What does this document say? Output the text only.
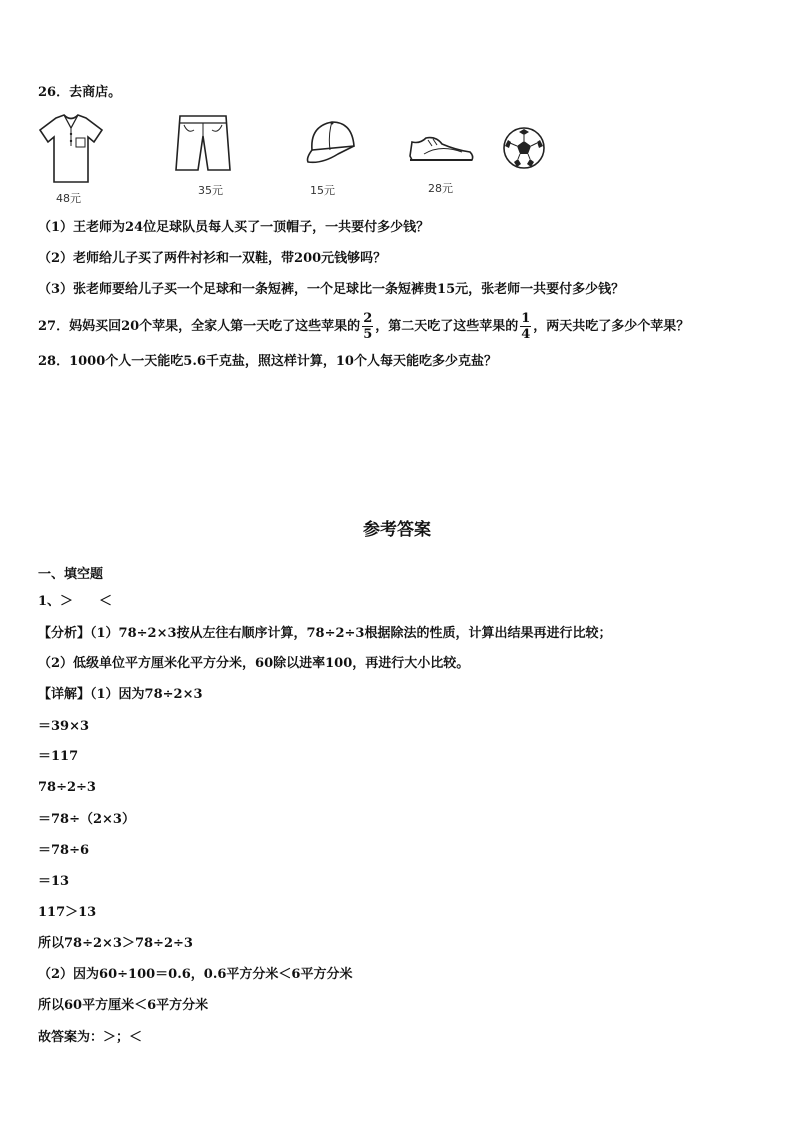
26．去商店。
48元
35元	15元	28元
（1）王老师为24位足球队员每人买了一顶帽子，一共要付多少钱？
（2）老师给儿子买了两件衬衫和一双鞋，带200元钱够吗？
（3）张老师要给儿子买一个足球和一条短裤，一个足球比一条短裤贵15元，张老师一共要付多少钱？
27．妈妈买回20个苹果，全家人第一天吃了这些苹果的 $\frac{2}{5}$ ，第二天吃了这些苹果的 $\frac{1}{4}$ ，两天共吃了多少个苹果？
28．1000个人一天能吃5.6千克盐，照这样计算，10个人每天能吃多少克盐？
参考答案
一、填空题
1、＞　　＜
【分析】（1）78÷2×3按从左往右顺序计算，78÷2÷3根据除法的性质，计算出结果再进行比较；
（2）低级单位平方厘米化平方分米，60除以进率100，再进行大小比较。
【详解】（1）因为78÷2×3
＝39×3
＝117
78÷2÷3
＝78÷（2×3）
＝78÷6
＝13
117＞13
所以78÷2×3＞78÷2÷3
（2）因为60÷100＝0.6，0.6平方分米＜6平方分米
所以60平方厘米＜6平方分米
故答案为：＞；＜
